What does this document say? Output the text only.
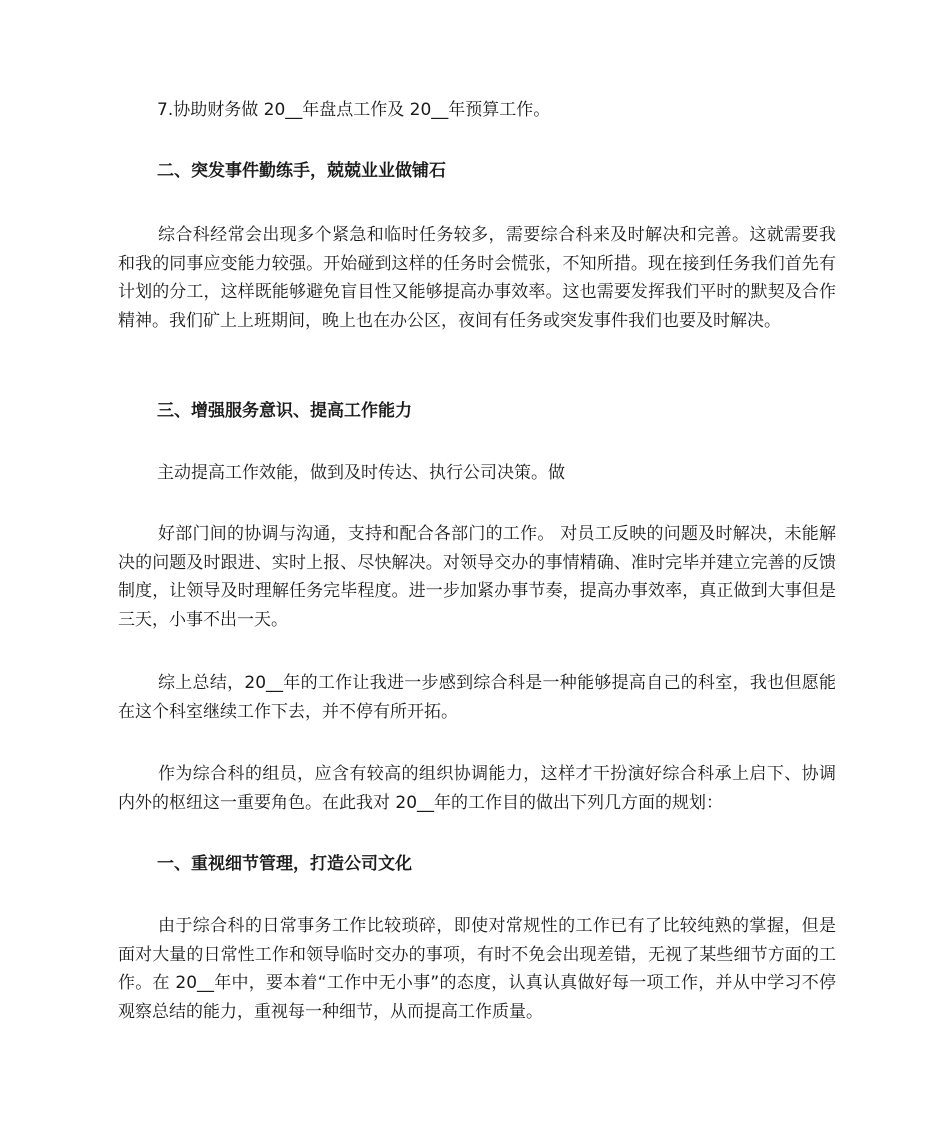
7.协助财务做 20__年盘点工作及 20__年预算工作。
二、突发事件勤练手，兢兢业业做铺石
综合科经常会出现多个紧急和临时任务较多，需要综合科来及时解决和完善。这就需要我和我的同事应变能力较强。开始碰到这样的任务时会慌张，不知所措。现在接到任务我们首先有计划的分工，这样既能够避免盲目性又能够提高办事效率。这也需要发挥我们平时的默契及合作精神。我们矿上上班期间，晚上也在办公区，夜间有任务或突发事件我们也要及时解决。
三、增强服务意识、提高工作能力
主动提高工作效能，做到及时传达、执行公司决策。做
好部门间的协调与沟通，支持和配合各部门的工作。 对员工反映的问题及时解决，未能解决的问题及时跟进、实时上报、尽快解决。对领导交办的事情精确、准时完毕并建立完善的反馈制度，让领导及时理解任务完毕程度。进一步加紧办事节奏，提高办事效率，真正做到大事但是三天，小事不出一天。
综上总结，20__年的工作让我进一步感到综合科是一种能够提高自己的科室，我也但愿能在这个科室继续工作下去，并不停有所开拓。
作为综合科的组员，应含有较高的组织协调能力，这样才干扮演好综合科承上启下、协调内外的枢纽这一重要角色。在此我对 20__年的工作目的做出下列几方面的规划：
一、重视细节管理，打造公司文化
由于综合科的日常事务工作比较琐碎，即使对常规性的工作已有了比较纯熟的掌握，但是面对大量的日常性工作和领导临时交办的事项，有时不免会出现差错，无视了某些细节方面的工作。在 20__年中，要本着“工作中无小事”的态度，认真认真做好每一项工作，并从中学习不停观察总结的能力，重视每一种细节，从而提高工作质量。
